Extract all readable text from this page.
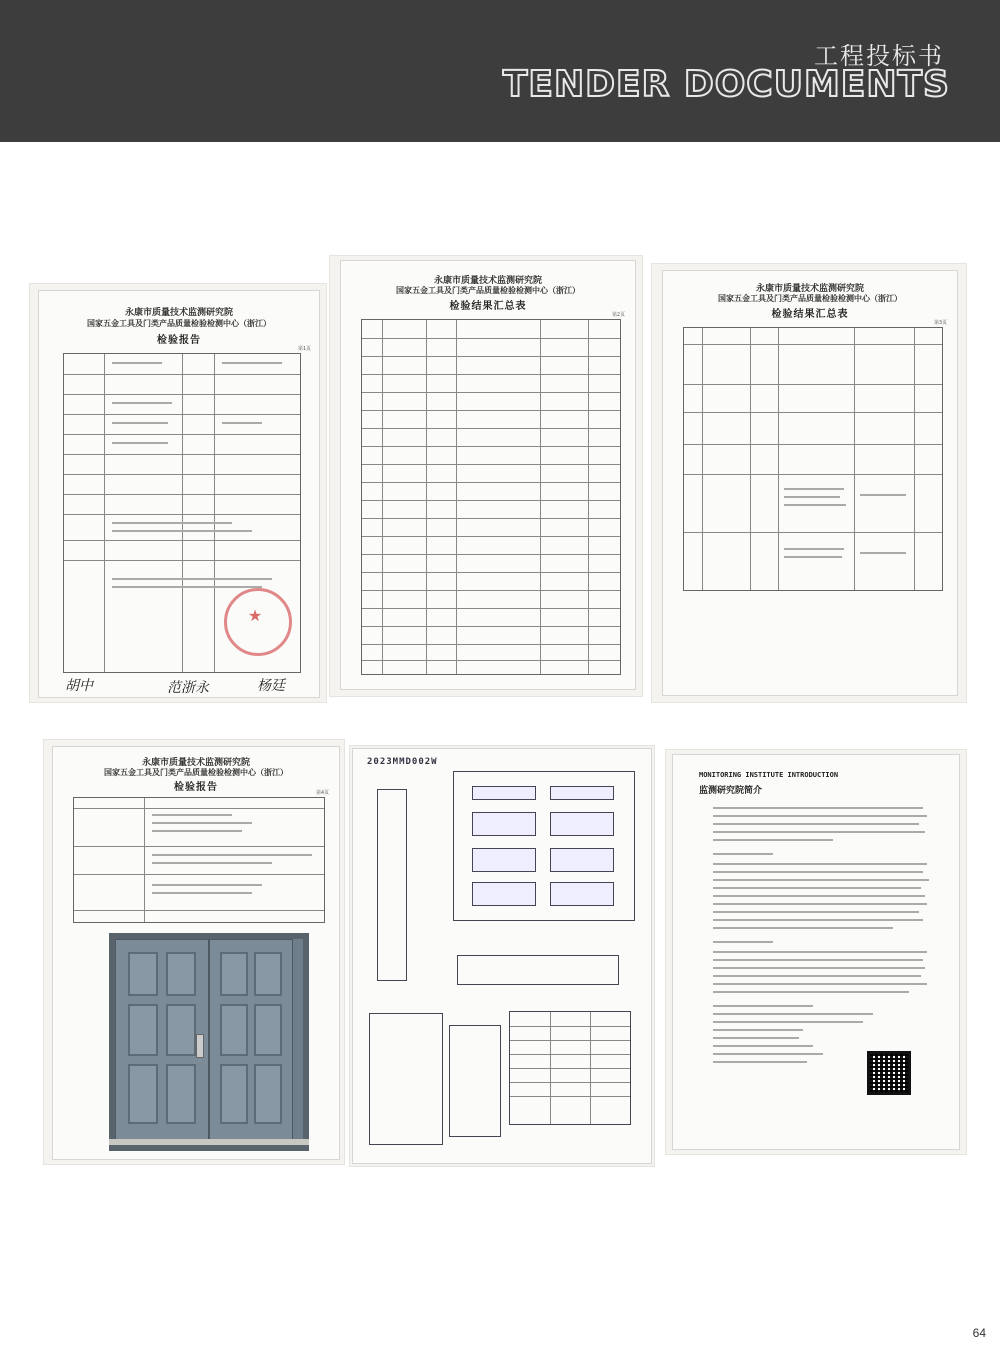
工程投标书
TENDER DOCUMENTS
永康市质量技术监测研究院
国家五金工具及门类产品质量检验检测中心（浙江）
检验报告
第1页
★
胡中	范浙永	杨廷
永康市质量技术监测研究院
国家五金工具及门类产品质量检验检测中心（浙江）
检验结果汇总表
第2页
永康市质量技术监测研究院
国家五金工具及门类产品质量检验检测中心（浙江）
检验结果汇总表
第3页
永康市质量技术监测研究院
国家五金工具及门类产品质量检验检测中心（浙江）
检验报告	第4页
2023MMD002W
MONITORING INSTITUTE INTRODUCTION
监测研究院简介
64
